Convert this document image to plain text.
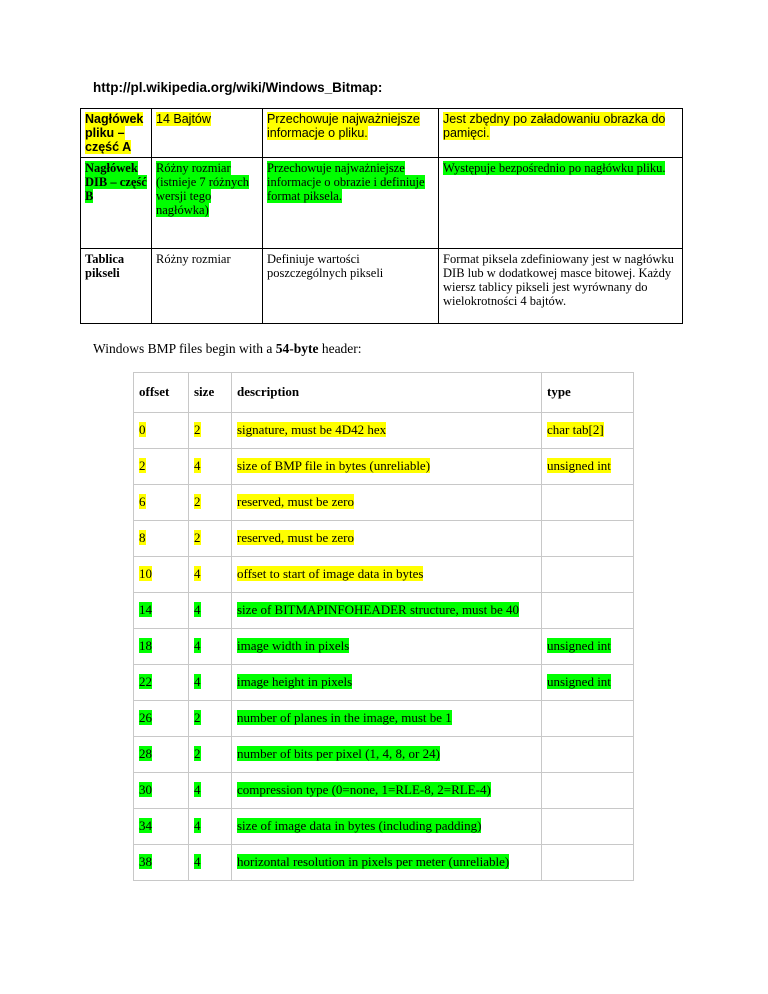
http://pl.wikipedia.org/wiki/Windows_Bitmap:
Nagłówek pliku – część A	14 Bajtów	Przechowuje najważniejsze informacje o pliku.	Jest zbędny po załadowaniu obrazka do pamięci.
Nagłówek DIB – część B	Różny rozmiar (istnieje 7 różnych wersji tego nagłówka)	Przechowuje najważniejsze informacje o obrazie i definiuje format piksela.	Występuje bezpośrednio po nagłówku pliku.
Tablica pikseli	Różny rozmiar	Definiuje wartości poszczególnych pikseli	Format piksela zdefiniowany jest w nagłówku DIB lub w dodatkowej masce bitowej. Każdy wiersz tablicy pikseli jest wyrównany do wielokrotności 4 bajtów.
Windows BMP files begin with a 54-byte header:
offset	size	description	type
0	2	signature, must be 4D42 hex	char tab[2]
2	4	size of BMP file in bytes (unreliable)	unsigned int
6	2	reserved, must be zero	
8	2	reserved, must be zero	
10	4	offset to start of image data in bytes	
14	4	size of BITMAPINFOHEADER structure, must be 40	
18	4	image width in pixels	unsigned int
22	4	image height in pixels	unsigned int
26	2	number of planes in the image, must be 1	
28	2	number of bits per pixel (1, 4, 8, or 24)	
30	4	compression type (0=none, 1=RLE-8, 2=RLE-4)	
34	4	size of image data in bytes (including padding)	
38	4	horizontal resolution in pixels per meter (unreliable)	
